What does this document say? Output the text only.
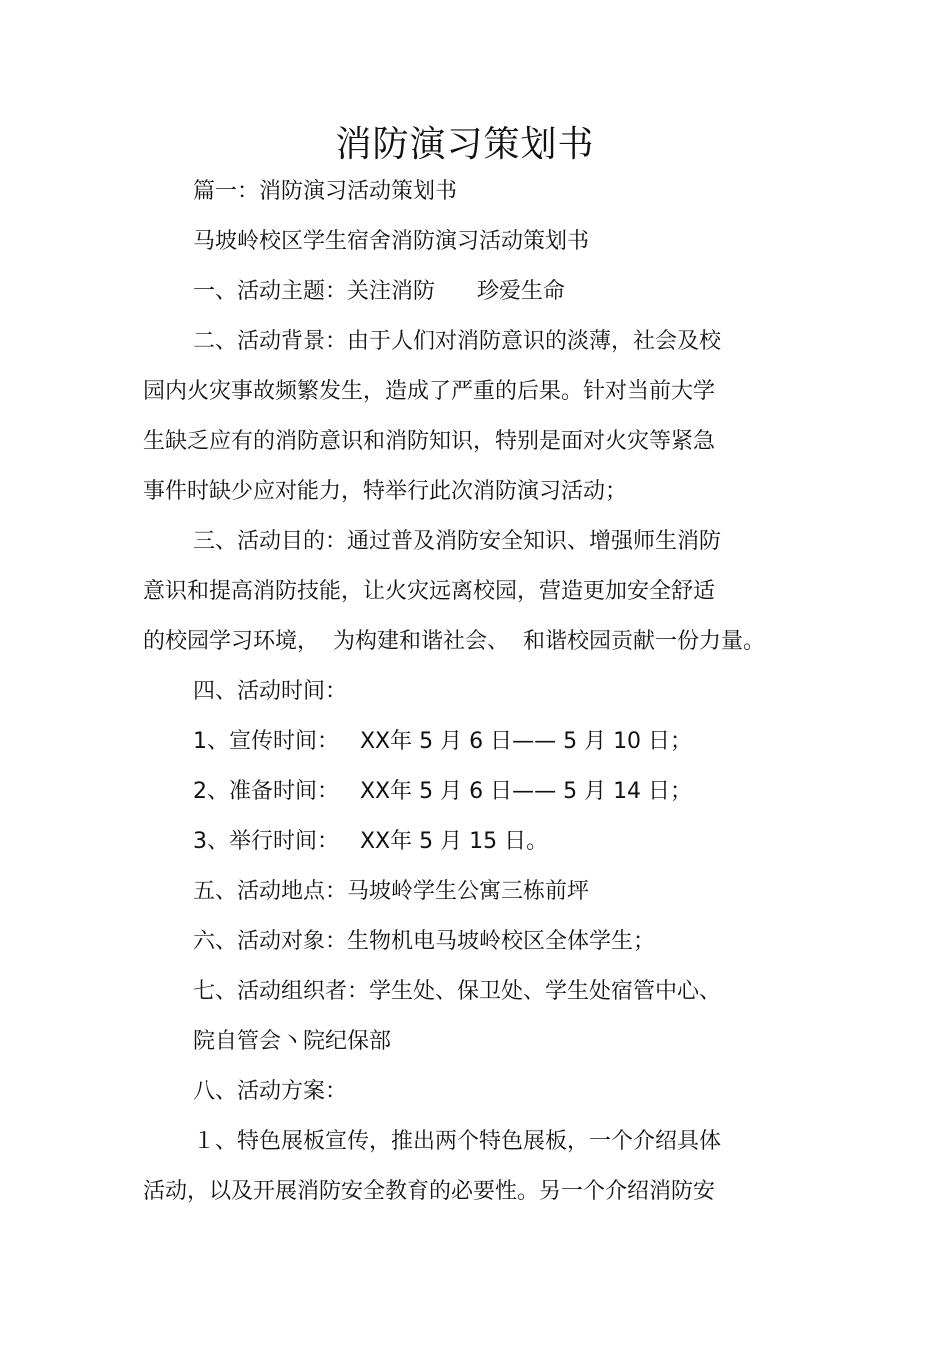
消防演习策划书
篇一：消防演习活动策划书
马坡岭校区学生宿舍消防演习活动策划书
一、活动主题：关注消防      珍爱生命
二、活动背景：由于人们对消防意识的淡薄，社会及校
园内火灾事故频繁发生，造成了严重的后果。针对当前大学
生缺乏应有的消防意识和消防知识，特别是面对火灾等紧急
事件时缺少应对能力，特举行此次消防演习活动；
三、活动目的：通过普及消防安全知识、增强师生消防
意识和提高消防技能，让火灾远离校园，营造更加安全舒适
的校园学习环境，  为构建和谐社会、  和谐校园贡献一份力量。
四、活动时间：
1、宣传时间：   XX年 5 月 6 日—— 5 月 10 日；
2、准备时间：   XX年 5 月 6 日—— 5 月 14 日；
3、举行时间：   XX年 5 月 15 日。
五、活动地点：马坡岭学生公寓三栋前坪
六、活动对象：生物机电马坡岭校区全体学生；
七、活动组织者：学生处、保卫处、学生处宿管中心、
院自管会丶院纪保部
八、活动方案：
１、特色展板宣传，推出两个特色展板，一个介绍具体
活动，以及开展消防安全教育的必要性。另一个介绍消防安
